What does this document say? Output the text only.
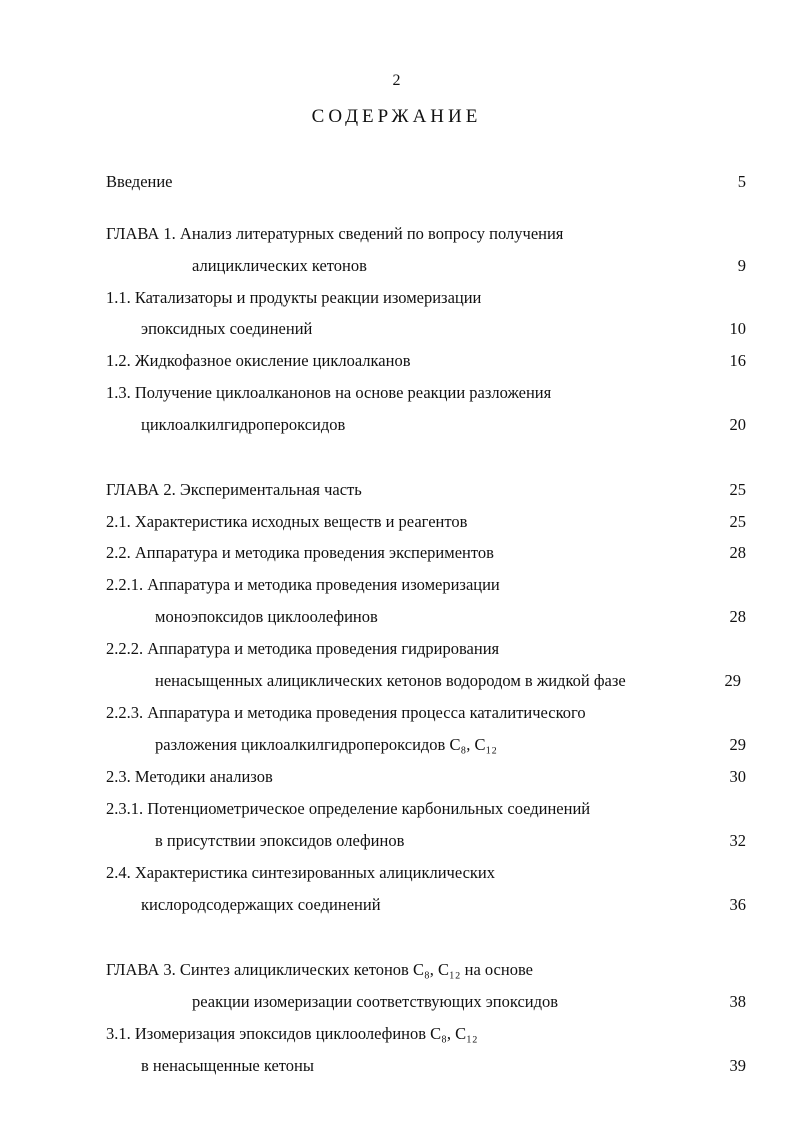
2
СОДЕРЖАНИЕ
Введение	5
ГЛАВА 1. Анализ литературных сведений по вопросу получения
алициклических кетонов	9
1.1. Катализаторы и продукты реакции изомеризации
эпоксидных соединений	10
1.2. Жидкофазное окисление циклоалканов	16
1.3. Получение циклоалканонов на основе реакции разложения
циклоалкилгидропероксидов	20
ГЛАВА 2. Экспериментальная часть	25
2.1. Характеристика исходных веществ и реагентов	25
2.2. Аппаратура и методика проведения экспериментов	28
2.2.1. Аппаратура и методика проведения изомеризации
моноэпоксидов циклоолефинов	28
2.2.2. Аппаратура и методика проведения гидрирования
ненасыщенных алициклических кетонов водородом в жидкой фазе	29
2.2.3. Аппаратура и методика проведения процесса каталитического
разложения циклоалкилгидропероксидов C₈, C₁₂	29
2.3. Методики анализов	30
2.3.1. Потенциометрическое определение карбонильных соединений
в присутствии эпоксидов олефинов	32
2.4. Характеристика синтезированных алициклических
кислородсодержащих соединений	36
ГЛАВА 3. Синтез алициклических кетонов C₈, C₁₂ на основе
реакции изомеризации соответствующих эпоксидов	38
3.1. Изомеризация эпоксидов циклоолефинов C₈, C₁₂
в ненасыщенные кетоны	39
